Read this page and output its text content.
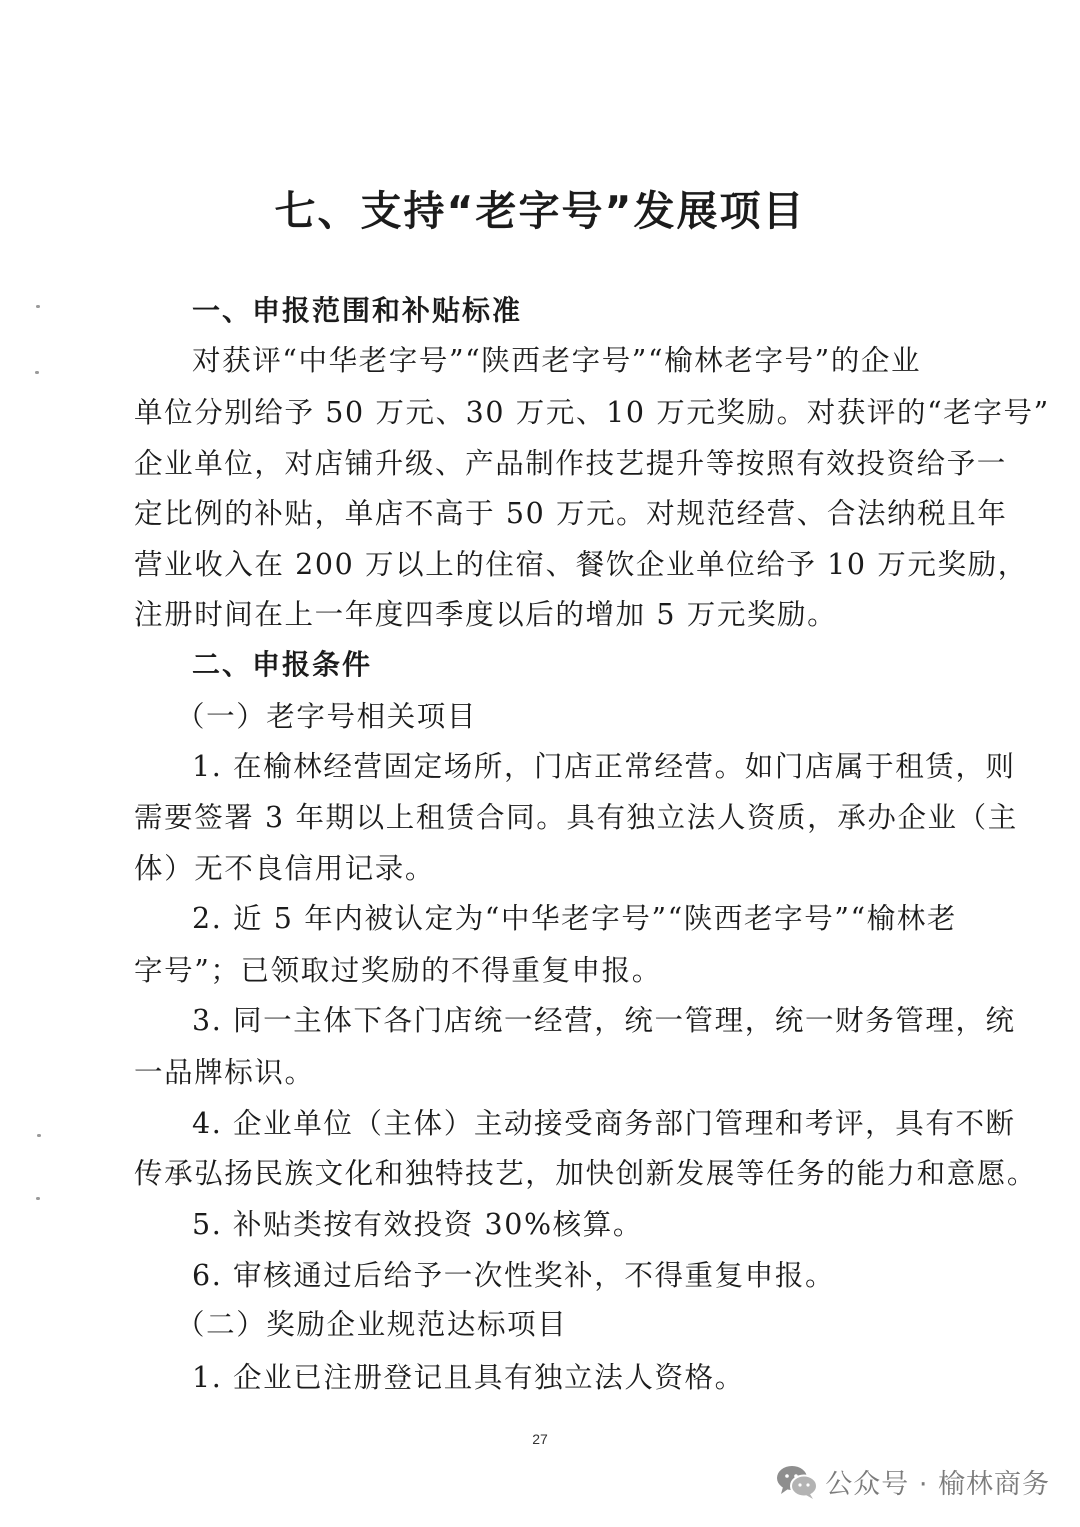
七、支持“老字号”发展项目
一、申报范围和补贴标准
对获评“中华老字号”“陕西老字号”“榆林老字号”的企业
单位分别给予 50 万元、30 万元、10 万元奖励。对获评的“老字号”
企业单位，对店铺升级、产品制作技艺提升等按照有效投资给予一
定比例的补贴，单店不高于 50 万元。对规范经营、合法纳税且年
营业收入在 200 万以上的住宿、餐饮企业单位给予 10 万元奖励，
注册时间在上一年度四季度以后的增加 5 万元奖励。
二、申报条件
（一）老字号相关项目
1. 在榆林经营固定场所，门店正常经营。如门店属于租赁，则
需要签署 3 年期以上租赁合同。具有独立法人资质，承办企业（主
体）无不良信用记录。
2. 近 5 年内被认定为“中华老字号”“陕西老字号”“榆林老
字号”；已领取过奖励的不得重复申报。
3. 同一主体下各门店统一经营，统一管理，统一财务管理，统
一品牌标识。
4. 企业单位（主体）主动接受商务部门管理和考评，具有不断
传承弘扬民族文化和独特技艺，加快创新发展等任务的能力和意愿。
5. 补贴类按有效投资 30%核算。
6. 审核通过后给予一次性奖补，不得重复申报。
（二）奖励企业规范达标项目
1. 企业已注册登记且具有独立法人资格。
27
公众号 · 榆林商务
